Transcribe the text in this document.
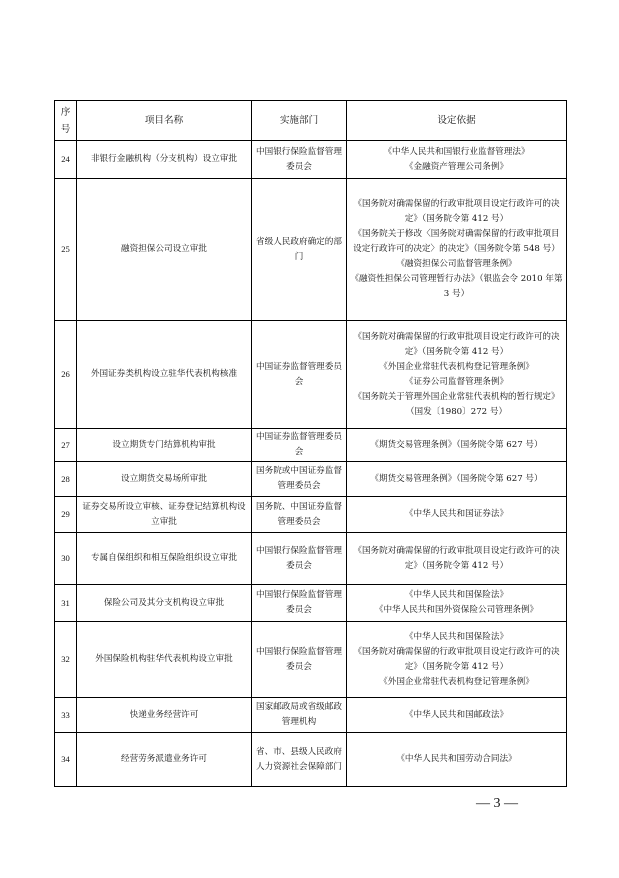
序
号	项目名称	实施部门	设定依据
24	非银行金融机构（分支机构）设立审批	中国银行保险监督管理委员会	《中华人民共和国银行业监督管理法》
《金融资产管理公司条例》

25	融资担保公司设立审批	省级人民政府确定的部门	《国务院对确需保留的行政审批项目设定行政许可的决定》（国务院令第 412 号）
《国务院关于修改〈国务院对确需保留的行政审批项目设定行政许可的决定〉的决定》（国务院令第 548 号）
《融资担保公司监督管理条例》
《融资性担保公司管理暂行办法》（银监会令 2010 年第 3 号）

26	外国证券类机构设立驻华代表机构核准	中国证券监督管理委员会	《国务院对确需保留的行政审批项目设定行政许可的决定》（国务院令第 412 号）
《外国企业常驻代表机构登记管理条例》
《证券公司监督管理条例》
《国务院关于管理外国企业常驻代表机构的暂行规定》（国发〔1980〕272 号）

27	设立期货专门结算机构审批	中国证券监督管理委员会	《期货交易管理条例》（国务院令第 627 号）

28	设立期货交易场所审批	国务院或中国证券监督管理委员会	《期货交易管理条例》（国务院令第 627 号）

29	证券交易所设立审核、证券登记结算机构设立审批	国务院、中国证券监督管理委员会	《中华人民共和国证券法》

30	专属自保组织和相互保险组织设立审批	中国银行保险监督管理委员会	《国务院对确需保留的行政审批项目设定行政许可的决定》（国务院令第 412 号）

31	保险公司及其分支机构设立审批	中国银行保险监督管理委员会	《中华人民共和国保险法》
《中华人民共和国外资保险公司管理条例》

32	外国保险机构驻华代表机构设立审批	中国银行保险监督管理委员会	《中华人民共和国保险法》
《国务院对确需保留的行政审批项目设定行政许可的决定》（国务院令第 412 号）
《外国企业常驻代表机构登记管理条例》

33	快递业务经营许可	国家邮政局或省级邮政管理机构	《中华人民共和国邮政法》

34	经营劳务派遣业务许可	省、市、县级人民政府人力资源社会保障部门	《中华人民共和国劳动合同法》
— 3 —
